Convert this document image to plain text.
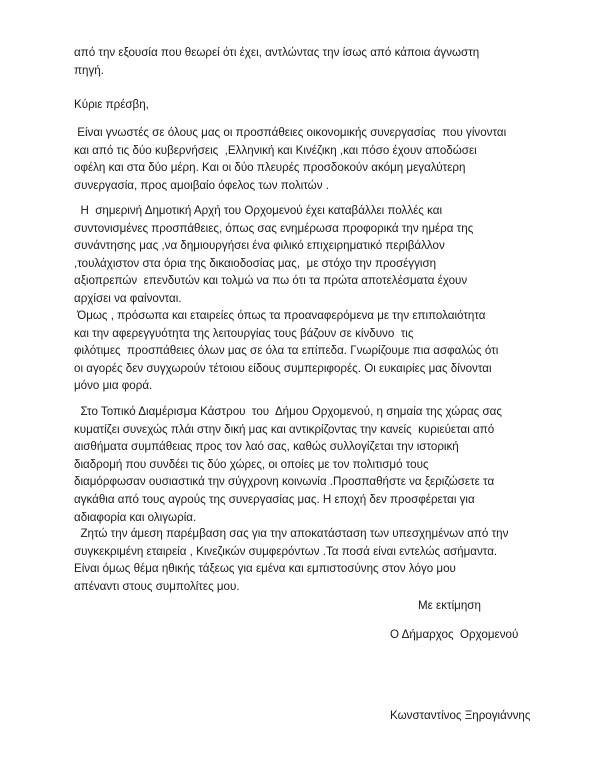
από την εξουσία που θεωρεί ότι έχει, αντλώντας την ίσως από κάποια άγνωστη
πηγή.
Κύριε πρέσβη,
Είναι γνωστές σε όλους μας οι προσπάθειες οικονομικής συνεργασίας  που γίνονται
και από τις δύο κυβερνήσεις  ,Ελληνική και Κινέζικη ,και πόσο έχουν αποδώσει
οφέλη και στα δύο μέρη. Και οι δύο πλευρές προσδοκούν ακόμη μεγαλύτερη
συνεργασία, προς αμοιβαίο όφελος των πολιτών .
Η  σημερινή Δημοτική Αρχή του Ορχομενού έχει καταβάλλει πολλές και
συντονισμένες προσπάθειες, όπως σας ενημέρωσα προφορικά την ημέρα της
συνάντησης μας ,να δημιουργήσει ένα φιλικό επιχειρηματικό περιβάλλον
,τουλάχιστον στα όρια της δικαιοδοσίας μας,  με στόχο την προσέγγιση
αξιοπρεπών  επενδυτών και τολμώ να πω ότι τα πρώτα αποτελέσματα έχουν
αρχίσει να φαίνονται.
Όμως , πρόσωπα και εταιρείες όπως τα προαναφερόμενα με την επιπολαιότητα
και την αφερεγγυότητα της λειτουργίας τους βάζουν σε κίνδυνο  τις
φιλότιμες  προσπάθειες όλων μας σε όλα τα επίπεδα. Γνωρίζουμε πια ασφαλώς ότι
οι αγορές δεν συγχωρούν τέτοιου είδους συμπεριφορές. Οι ευκαιρίες μας δίνονται
μόνο μια φορά.
Στο Τοπικό Διαμέρισμα Κάστρου  του  Δήμου Ορχομενού, η σημαία της χώρας σας
κυματίζει συνεχώς πλάι στην δική μας και αντικρίζοντας την κανείς  κυριεύεται από
αισθήματα συμπάθειας προς τον λαό σας, καθώς συλλογίζεται την ιστορική
διαδρομή που συνδέει τις δύο χώρες, οι οποίες με τον πολιτισμό τους
διαμόρφωσαν ουσιαστικά την σύγχρονη κοινωνία .Προσπαθήστε να ξεριζώσετε τα
αγκάθια από τους αγρούς της συνεργασίας μας. Η εποχή δεν προσφέρεται για
αδιαφορία και ολιγωρία.
Ζητώ την άμεση παρέμβαση σας για την αποκατάσταση των υπεσχημένων από την
συγκεκριμένη εταιρεία , Κινεζικών συμφερόντων .Τα ποσά είναι εντελώς ασήμαντα.
Είναι όμως θέμα ηθικής τάξεως για εμένα και εμπιστοσύνης στον λόγο μου
απέναντι στους συμπολίτες μου.
Με εκτίμηση
Ο Δήμαρχος  Ορχομενού
Κωνσταντίνος Ξηρογιάννης
